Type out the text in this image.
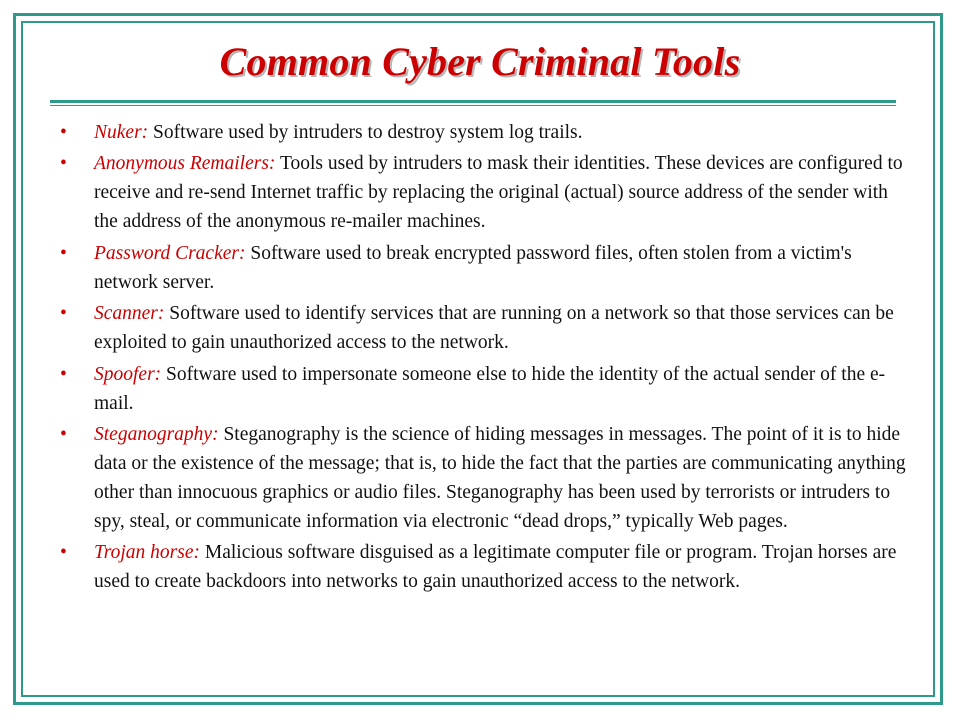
Common Cyber Criminal Tools
• Nuker: Software used by intruders to destroy system log trails.
• Anonymous Remailers: Tools used by intruders to mask their identities. These devices are configured to receive and re-send Internet traffic by replacing the original (actual) source address of the sender with the address of the anonymous re-mailer machines.
• Password Cracker: Software used to break encrypted password files, often stolen from a victim's network server.
• Scanner: Software used to identify services that are running on a network so that those services can be exploited to gain unauthorized access to the network.
• Spoofer: Software used to impersonate someone else to hide the identity of the actual sender of the e-mail.
• Steganography: Steganography is the science of hiding messages in messages. The point of it is to hide data or the existence of the message; that is, to hide the fact that the parties are communicating anything other than innocuous graphics or audio files. Steganography has been used by terrorists or intruders to spy, steal, or communicate information via electronic “dead drops,” typically Web pages.
• Trojan horse: Malicious software disguised as a legitimate computer file or program. Trojan horses are used to create backdoors into networks to gain unauthorized access to the network.
